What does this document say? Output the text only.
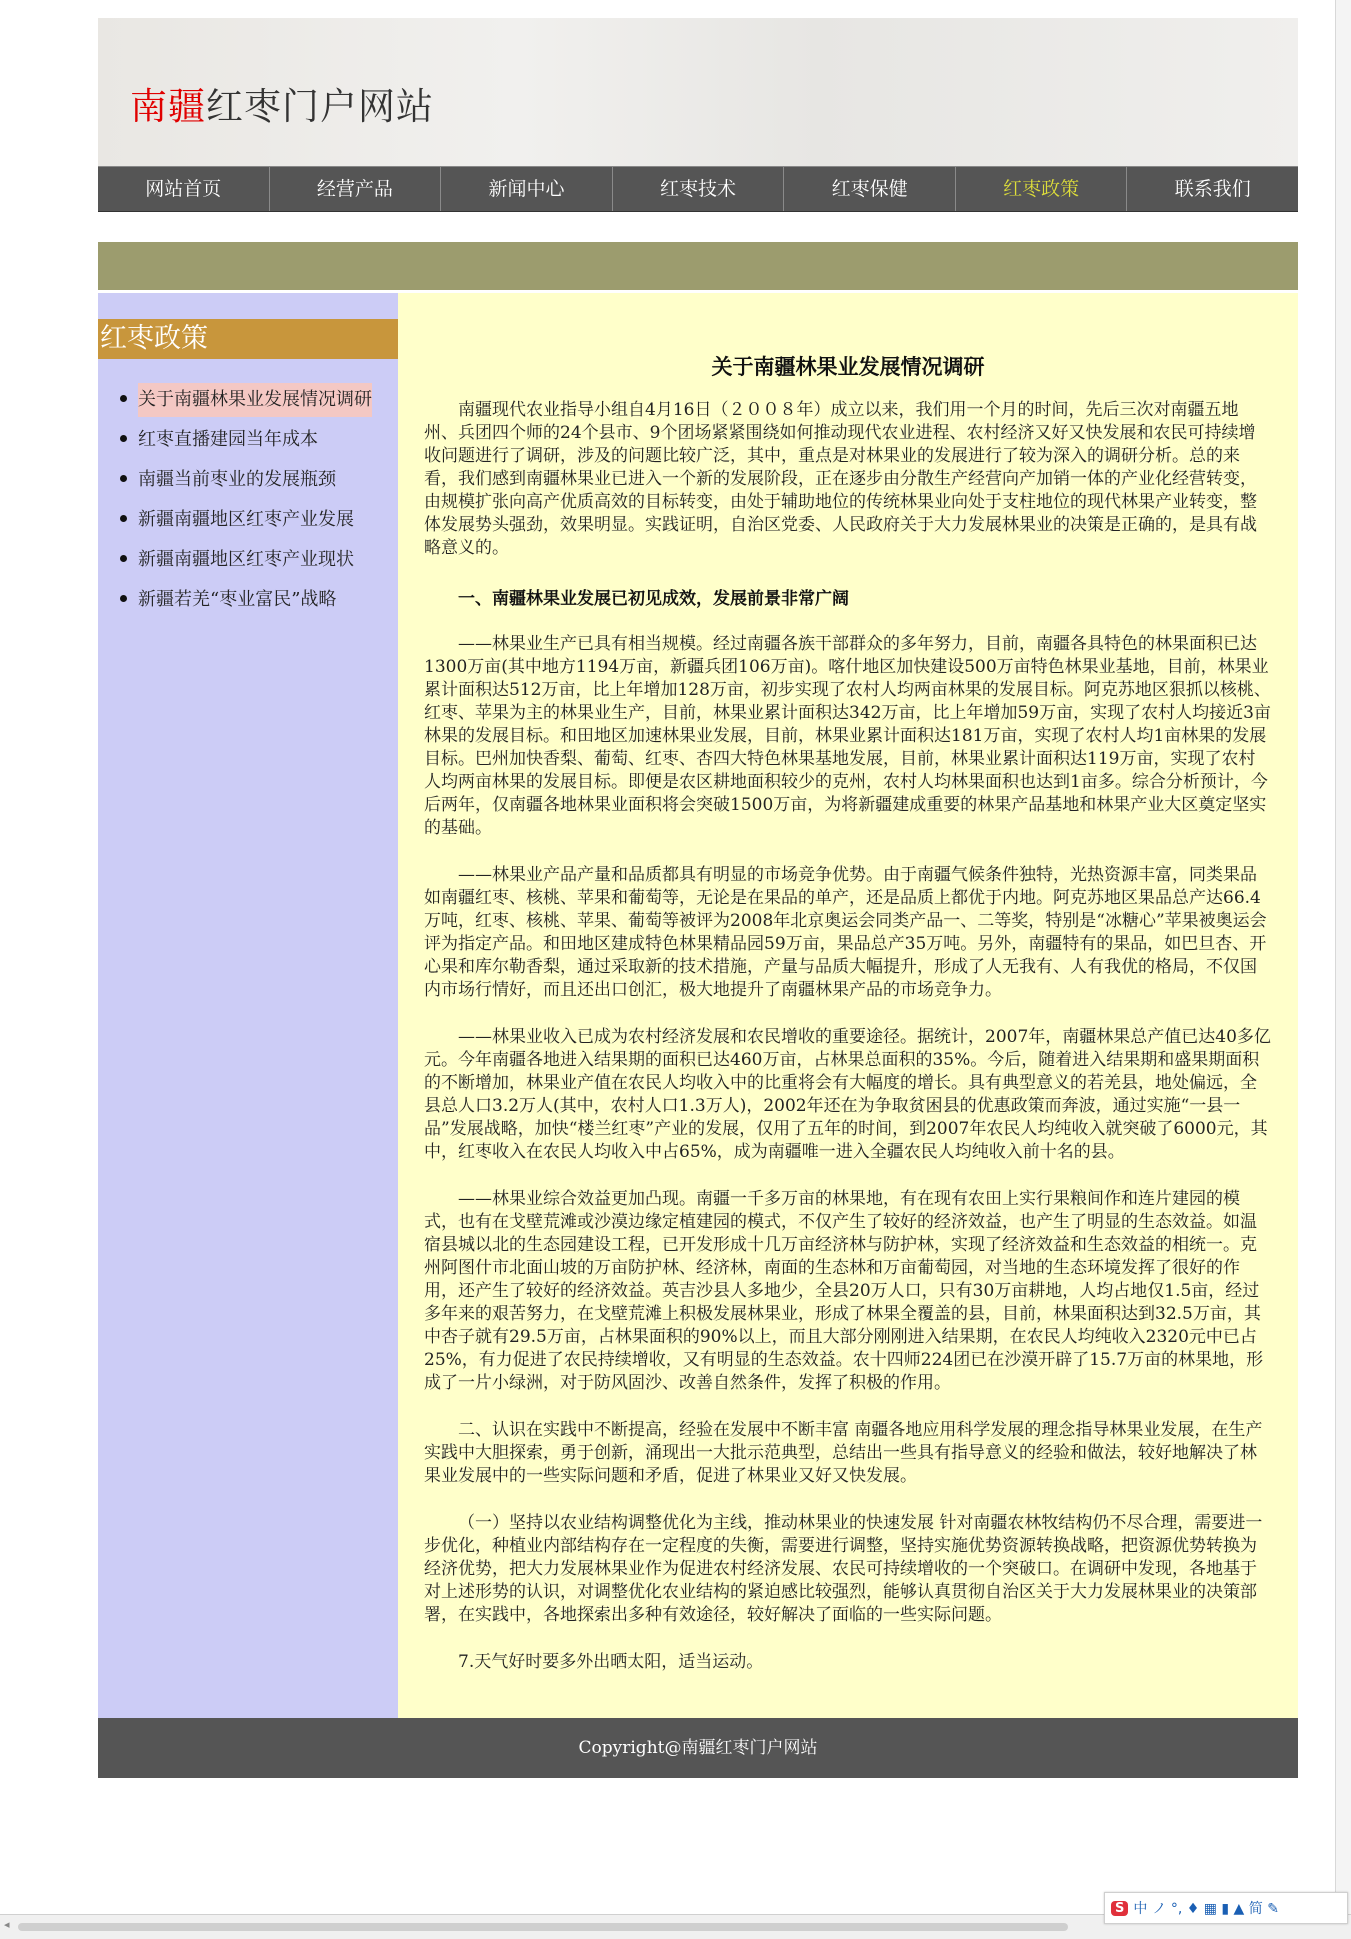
南疆红枣门户网站
网站首页	经营产品	新闻中心	红枣技术	红枣保健	红枣政策	联系我们
红枣政策
关于南疆林果业发展情况调研
红枣直播建园当年成本
南疆当前枣业的发展瓶颈
新疆南疆地区红枣产业发展
新疆南疆地区红枣产业现状
新疆若羌“枣业富民”战略
关于南疆林果业发展情况调研

南疆现代农业指导小组自4月16日（２００８年）成立以来，我们用一个月的时间，先后三次对南疆五地州、兵团四个师的24个县市、9个团场紧紧围绕如何推动现代农业进程、农村经济又好又快发展和农民可持续增收问题进行了调研，涉及的问题比较广泛，其中，重点是对林果业的发展进行了较为深入的调研分析。总的来看，我们感到南疆林果业已进入一个新的发展阶段，正在逐步由分散生产经营向产加销一体的产业化经营转变，由规模扩张向高产优质高效的目标转变，由处于辅助地位的传统林果业向处于支柱地位的现代林果产业转变，整体发展势头强劲，效果明显。实践证明，自治区党委、人民政府关于大力发展林果业的决策是正确的，是具有战略意义的。

一、南疆林果业发展已初见成效，发展前景非常广阔

——林果业生产已具有相当规模。经过南疆各族干部群众的多年努力，目前，南疆各具特色的林果面积已达1300万亩(其中地方1194万亩，新疆兵团106万亩)。喀什地区加快建设500万亩特色林果业基地，目前，林果业累计面积达512万亩，比上年增加128万亩，初步实现了农村人均两亩林果的发展目标。阿克苏地区狠抓以核桃、红枣、苹果为主的林果业生产，目前，林果业累计面积达342万亩，比上年增加59万亩，实现了农村人均接近3亩林果的发展目标。和田地区加速林果业发展，目前，林果业累计面积达181万亩，实现了农村人均1亩林果的发展目标。巴州加快香梨、葡萄、红枣、杏四大特色林果基地发展，目前，林果业累计面积达119万亩，实现了农村人均两亩林果的发展目标。即便是农区耕地面积较少的克州，农村人均林果面积也达到1亩多。综合分析预计，今后两年，仅南疆各地林果业面积将会突破1500万亩，为将新疆建成重要的林果产品基地和林果产业大区奠定坚实的基础。

——林果业产品产量和品质都具有明显的市场竞争优势。由于南疆气候条件独特，光热资源丰富，同类果品如南疆红枣、核桃、苹果和葡萄等，无论是在果品的单产，还是品质上都优于内地。阿克苏地区果品总产达66.4万吨，红枣、核桃、苹果、葡萄等被评为2008年北京奥运会同类产品一、二等奖，特别是“冰糖心”苹果被奥运会评为指定产品。和田地区建成特色林果精品园59万亩，果品总产35万吨。另外，南疆特有的果品，如巴旦杏、开心果和库尔勒香梨，通过采取新的技术措施，产量与品质大幅提升，形成了人无我有、人有我优的格局，不仅国内市场行情好，而且还出口创汇，极大地提升了南疆林果产品的市场竞争力。

——林果业收入已成为农村经济发展和农民增收的重要途径。据统计，2007年，南疆林果总产值已达40多亿元。今年南疆各地进入结果期的面积已达460万亩，占林果总面积的35%。今后，随着进入结果期和盛果期面积的不断增加，林果业产值在农民人均收入中的比重将会有大幅度的增长。具有典型意义的若羌县，地处偏远，全县总人口3.2万人(其中，农村人口1.3万人)，2002年还在为争取贫困县的优惠政策而奔波，通过实施“一县一品”发展战略，加快“楼兰红枣”产业的发展，仅用了五年的时间，到2007年农民人均纯收入就突破了6000元，其中，红枣收入在农民人均收入中占65%，成为南疆唯一进入全疆农民人均纯收入前十名的县。

——林果业综合效益更加凸现。南疆一千多万亩的林果地，有在现有农田上实行果粮间作和连片建园的模式，也有在戈壁荒滩或沙漠边缘定植建园的模式，不仅产生了较好的经济效益，也产生了明显的生态效益。如温宿县城以北的生态园建设工程，已开发形成十几万亩经济林与防护林，实现了经济效益和生态效益的相统一。克州阿图什市北面山坡的万亩防护林、经济林，南面的生态林和万亩葡萄园，对当地的生态环境发挥了很好的作用，还产生了较好的经济效益。英吉沙县人多地少，全县20万人口，只有30万亩耕地，人均占地仅1.5亩，经过多年来的艰苦努力，在戈壁荒滩上积极发展林果业，形成了林果全覆盖的县，目前，林果面积达到32.5万亩，其中杏子就有29.5万亩，占林果面积的90%以上，而且大部分刚刚进入结果期，在农民人均纯收入2320元中已占25%，有力促进了农民持续增收，又有明显的生态效益。农十四师224团已在沙漠开辟了15.7万亩的林果地，形成了一片小绿洲，对于防风固沙、改善自然条件，发挥了积极的作用。

二、认识在实践中不断提高，经验在发展中不断丰富 南疆各地应用科学发展的理念指导林果业发展，在生产实践中大胆探索，勇于创新，涌现出一大批示范典型，总结出一些具有指导意义的经验和做法，较好地解决了林果业发展中的一些实际问题和矛盾，促进了林果业又好又快发展。

（一）坚持以农业结构调整优化为主线，推动林果业的快速发展 针对南疆农林牧结构仍不尽合理，需要进一步优化，种植业内部结构存在一定程度的失衡，需要进行调整，坚持实施优势资源转换战略，把资源优势转换为经济优势，把大力发展林果业作为促进农村经济发展、农民可持续增收的一个突破口。在调研中发现，各地基于对上述形势的认识，对调整优化农业结构的紧迫感比较强烈，能够认真贯彻自治区关于大力发展林果业的决策部署，在实践中，各地探索出多种有效途径，较好解决了面临的一些实际问题。

7.天气好时要多外出晒太阳，适当运动。

Copyright@南疆红枣门户网站
◂
S 中 ノ °, ♦ ▦ ▮ ▲ 简 ✎
